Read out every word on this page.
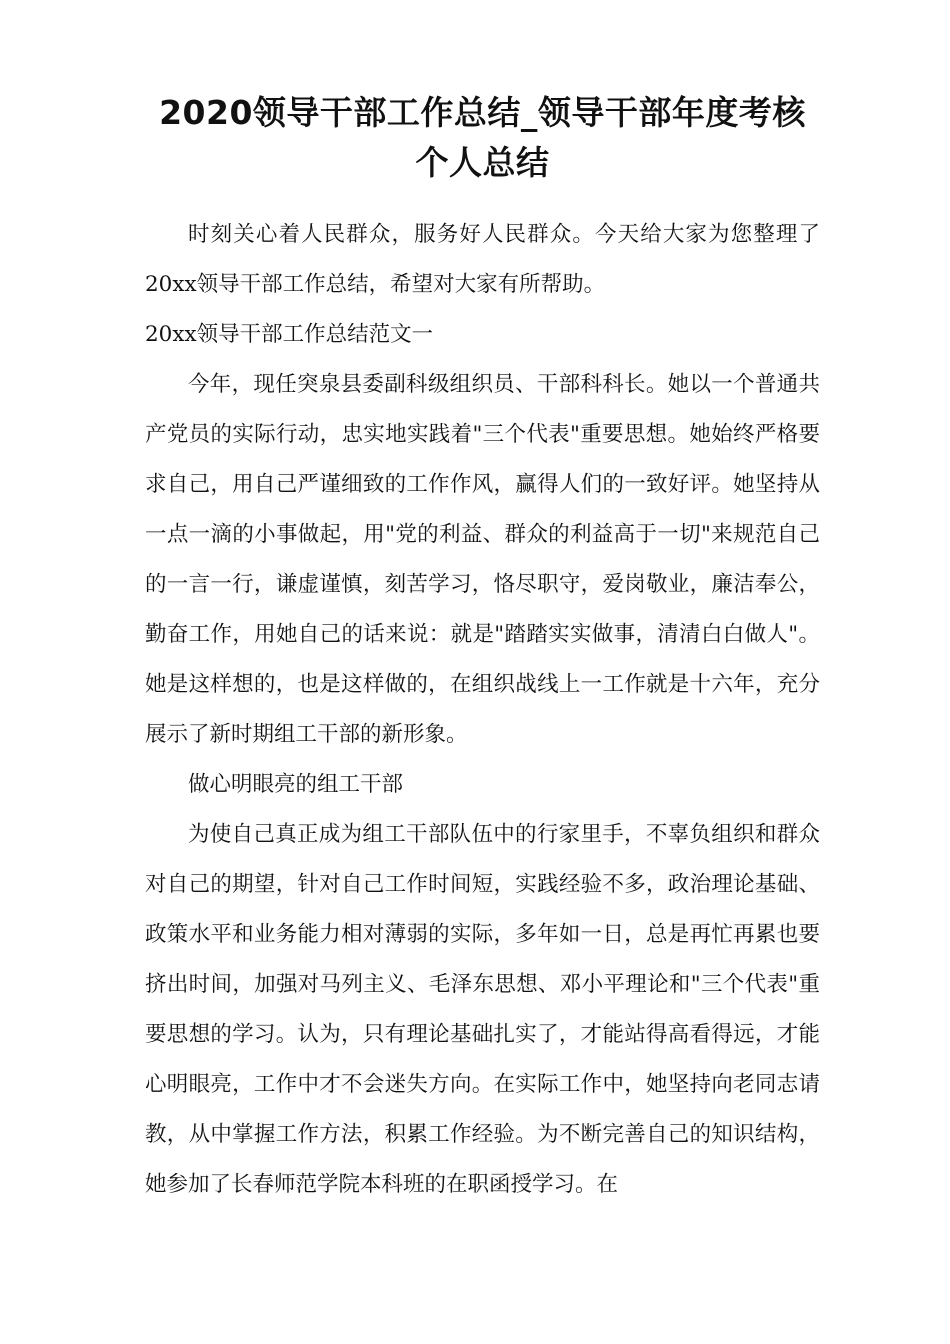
2020领导干部工作总结_领导干部年度考核
个人总结

时刻关心着人民群众，服务好人民群众。今天给大家为您整理了20xx领导干部工作总结，希望对大家有所帮助。

20xx领导干部工作总结范文一

今年，现任突泉县委副科级组织员、干部科科长。她以一个普通共产党员的实际行动，忠实地实践着"三个代表"重要思想。她始终严格要求自己，用自己严谨细致的工作作风，赢得人们的一致好评。她坚持从一点一滴的小事做起，用"党的利益、群众的利益高于一切"来规范自己的一言一行，谦虚谨慎，刻苦学习，恪尽职守，爱岗敬业，廉洁奉公，勤奋工作，用她自己的话来说：就是"踏踏实实做事，清清白白做人"。她是这样想的，也是这样做的，在组织战线上一工作就是十六年，充分展示了新时期组工干部的新形象。

做心明眼亮的组工干部

为使自己真正成为组工干部队伍中的行家里手，不辜负组织和群众对自己的期望，针对自己工作时间短，实践经验不多，政治理论基础、政策水平和业务能力相对薄弱的实际，多年如一日，总是再忙再累也要挤出时间，加强对马列主义、毛泽东思想、邓小平理论和"三个代表"重要思想的学习。认为，只有理论基础扎实了，才能站得高看得远，才能心明眼亮，工作中才不会迷失方向。在实际工作中，她坚持向老同志请教，从中掌握工作方法，积累工作经验。为不断完善自己的知识结构，她参加了长春师范学院本科班的在职函授学习。在
